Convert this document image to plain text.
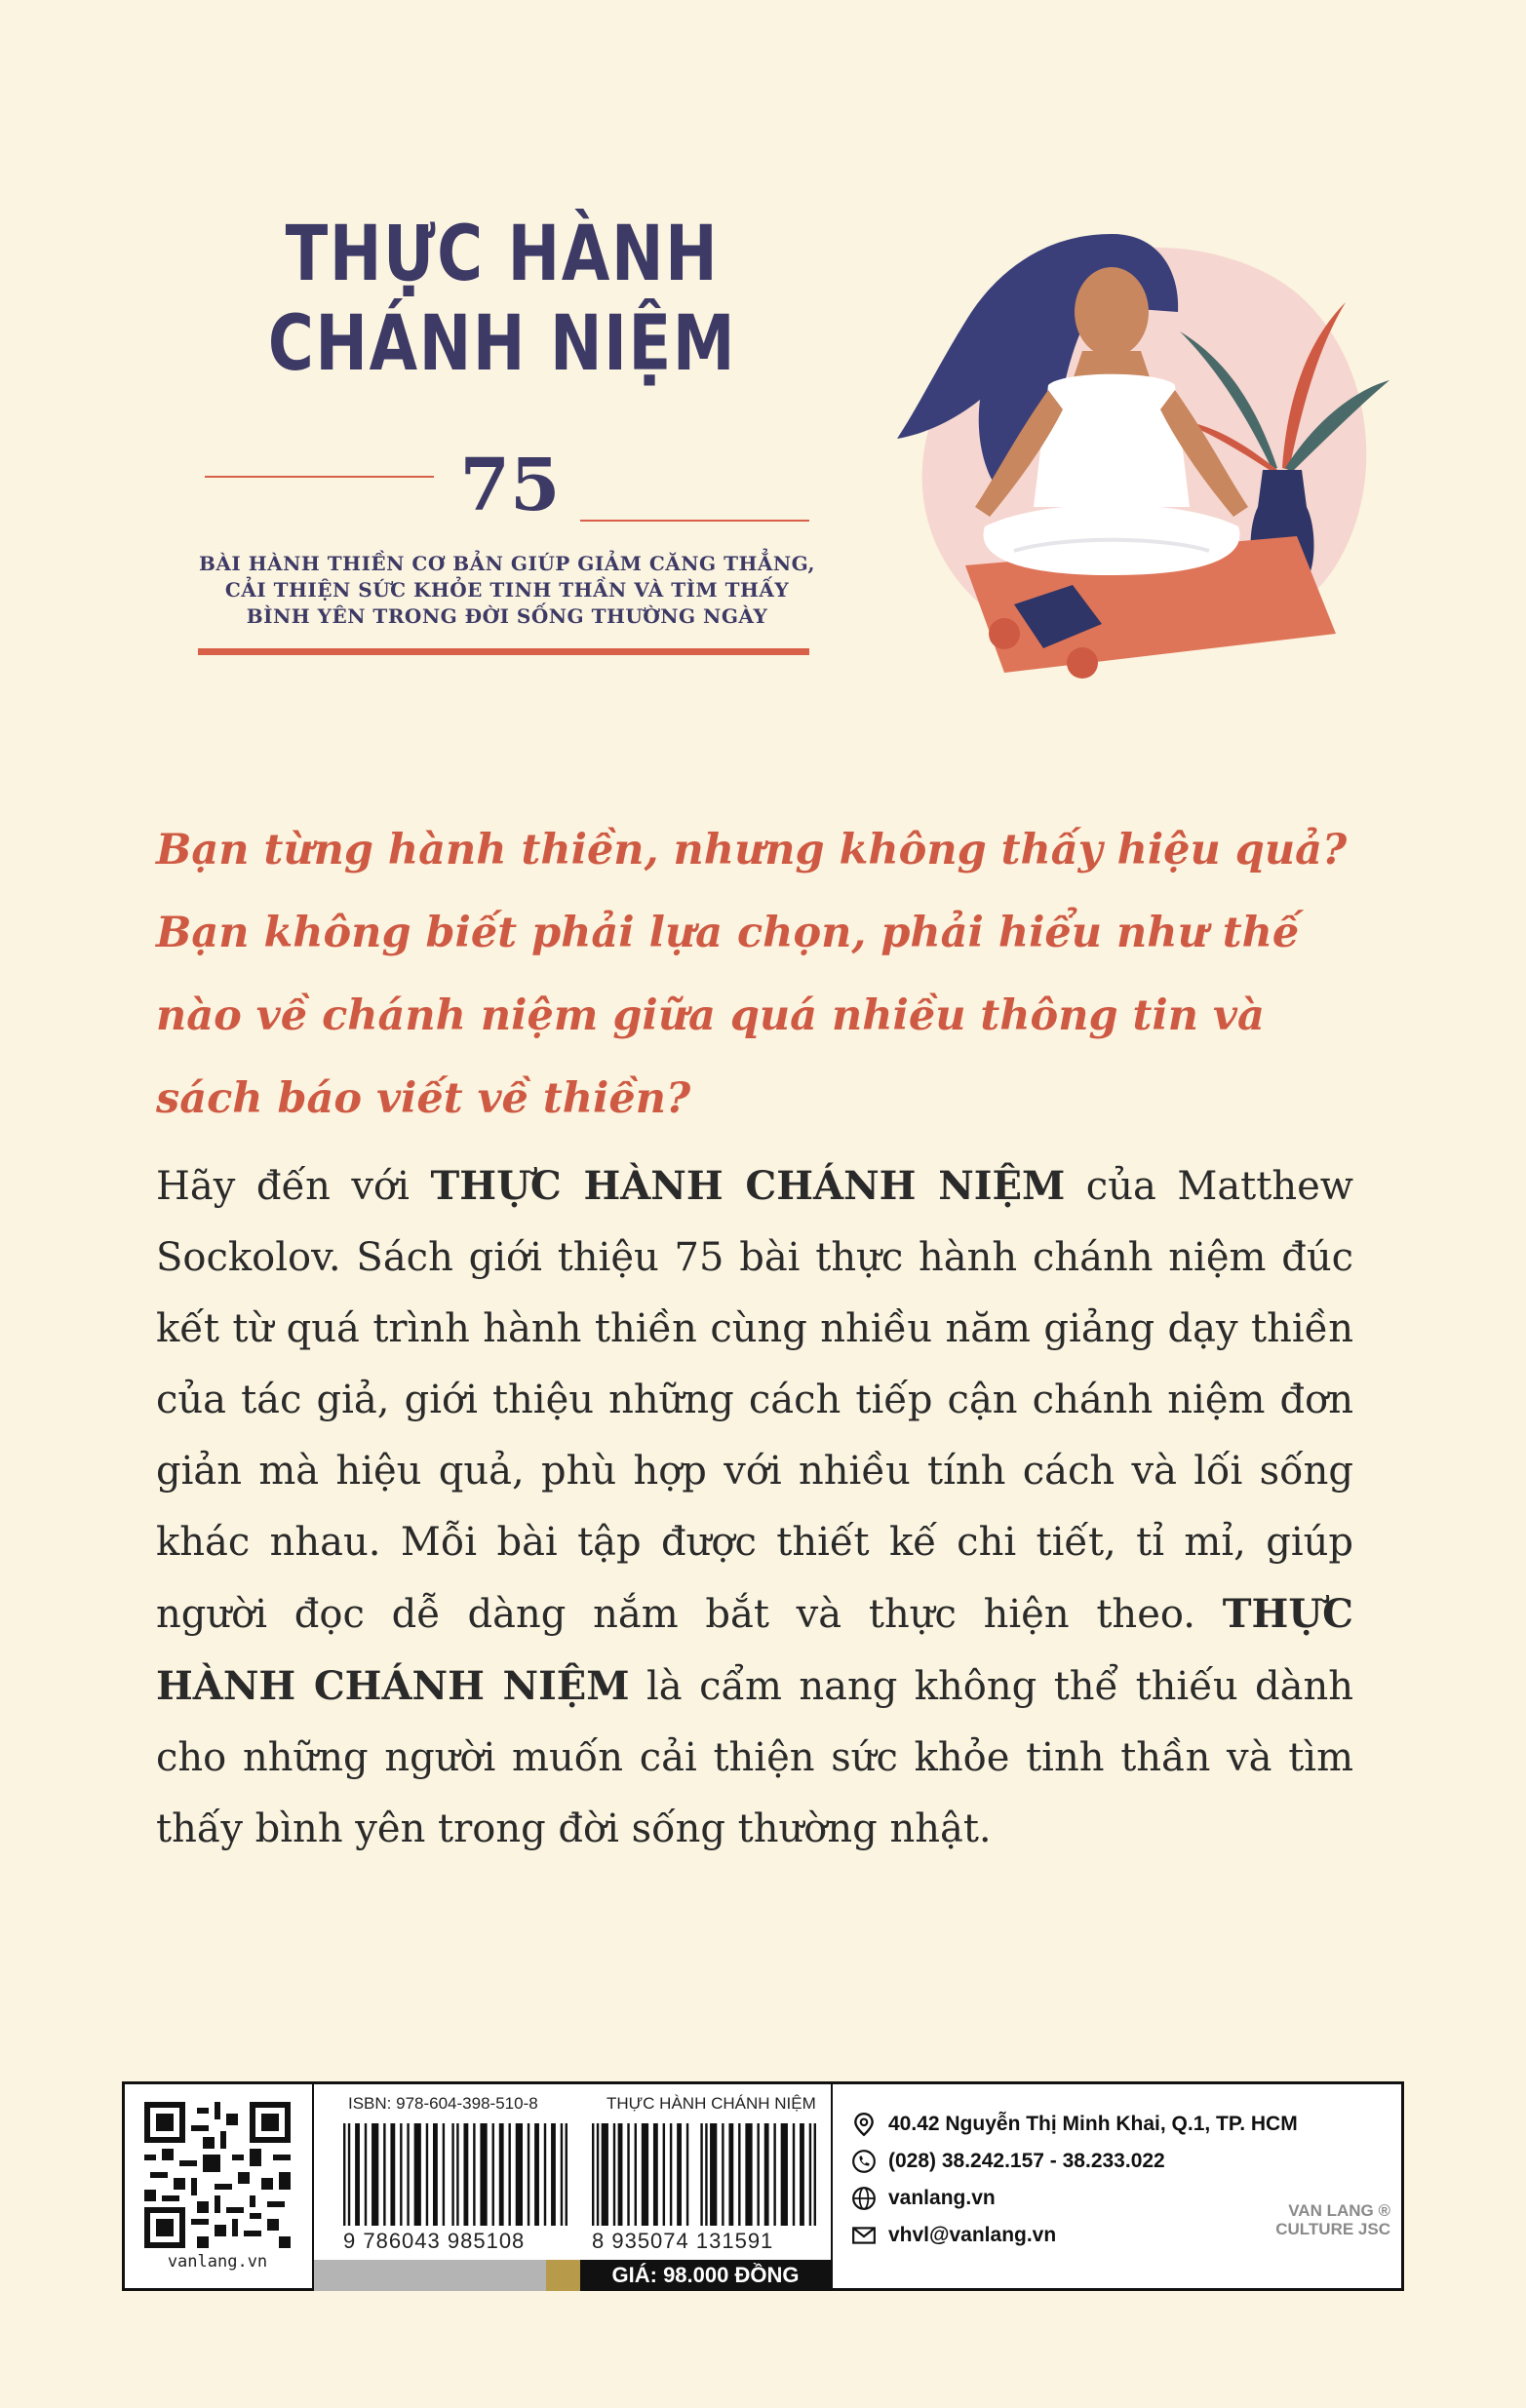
THỰC HÀNH
CHÁNH NIỆM
75
BÀI HÀNH THIỀN CƠ BẢN GIÚP GIẢM CĂNG THẲNG,
CẢI THIỆN SỨC KHỎE TINH THẦN VÀ TÌM THẤY
BÌNH YÊN TRONG ĐỜI SỐNG THƯỜNG NGÀY

Bạn từng hành thiền, nhưng không thấy hiệu quả?

Bạn không biết phải lựa chọn, phải hiểu như thế nào về chánh niệm giữa quá nhiều thông tin và sách báo viết về thiền?

Hãy đến với THỰC HÀNH CHÁNH NIỆM của Matthew Sockolov. Sách giới thiệu 75 bài thực hành chánh niệm đúc kết từ quá trình hành thiền cùng nhiều năm giảng dạy thiền của tác giả, giới thiệu những cách tiếp cận chánh niệm đơn giản mà hiệu quả, phù hợp với nhiều tính cách và lối sống khác nhau. Mỗi bài tập được thiết kế chi tiết, tỉ mỉ, giúp người đọc dễ dàng nắm bắt và thực hiện theo. THỰC HÀNH CHÁNH NIỆM là cẩm nang không thể thiếu dành cho những người muốn cải thiện sức khỏe tinh thần và tìm thấy bình yên trong đời sống thường nhật.
vanlang.vn
ISBN: 978-604-398-510-8	THỰC HÀNH CHÁNH NIỆM
9 786043 985108	8 935074 131591
GIÁ: 98.000 ĐỒNG
40.42 Nguyễn Thị Minh Khai, Q.1, TP. HCM
(028) 38.242.157 - 38.233.022
vanlang.vn
vhvl@vanlang.vn
VAN LANG ®
CULTURE JSC
